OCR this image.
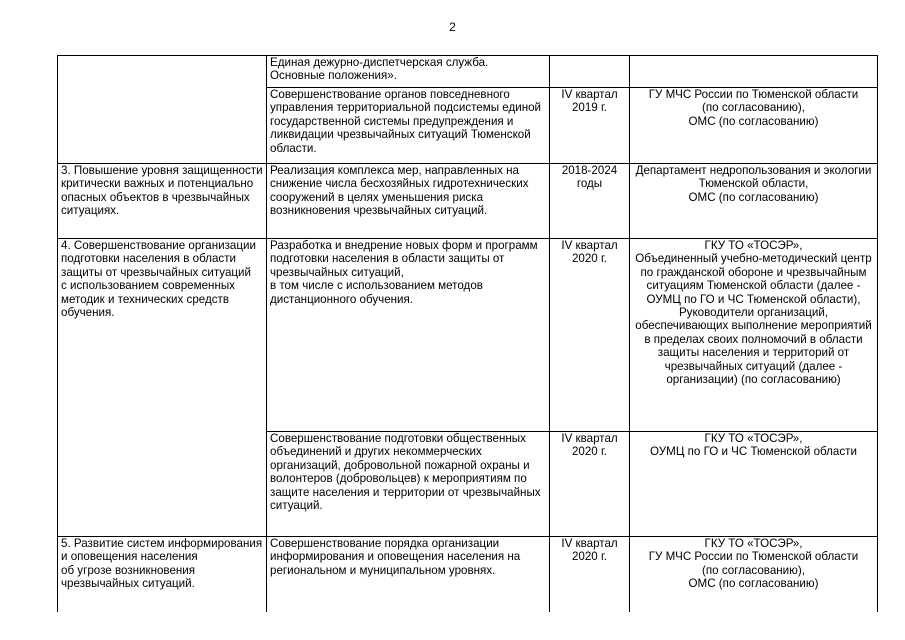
2
	Единая дежурно-диспетчерская служба.
Основные положения».		
	Совершенствование органов повседневного управления территориальной подсистемы единой государственной системы предупреждения и ликвидации чрезвычайных ситуаций Тюменской области.	IV квартал
2019 г.	ГУ МЧС России по Тюменской области
(по согласованию),
ОМС (по согласованию)
3. Повышение уровня защищенности критически важных и потенциально опасных объектов в чрезвычайных ситуациях.	Реализация комплекса мер, направленных на снижение числа бесхозяйных гидротехнических сооружений в целях уменьшения риска возникновения чрезвычайных ситуаций.	2018-2024
годы	Департамент недропользования и экологии Тюменской области,
ОМС (по согласованию)
4. Совершенствование организации подготовки населения в области защиты от чрезвычайных ситуаций
с использованием современных методик и технических средств обучения.	Разработка и внедрение новых форм и программ подготовки населения в области защиты от чрезвычайных ситуаций,
в том числе с использованием методов дистанционного обучения.	IV квартал
2020 г.	ГКУ ТО «ТОСЭР»,
Объединенный учебно-методический центр по гражданской обороне и чрезвычайным ситуациям Тюменской области (далее - ОУМЦ по ГО и ЧС Тюменской области),
Руководители организаций, обеспечивающих выполнение мероприятий в пределах своих полномочий в области защиты населения и территорий от чрезвычайных ситуаций (далее - организации) (по согласованию)
	Совершенствование подготовки общественных объединений и других некоммерческих организаций, добровольной пожарной охраны и волонтеров (добровольцев) к мероприятиям по защите населения и территории от чрезвычайных ситуаций.	IV квартал
2020 г.	ГКУ ТО «ТОСЭР»,
ОУМЦ по ГО и ЧС Тюменской области
5. Развитие систем информирования и оповещения населения
об угрозе возникновения чрезвычайных ситуаций.	Совершенствование порядка организации информирования и оповещения населения на региональном и муниципальном уровнях.	IV квартал
2020 г.	ГКУ ТО «ТОСЭР»,
ГУ МЧС России по Тюменской области
(по согласованию),
ОМС (по согласованию)
